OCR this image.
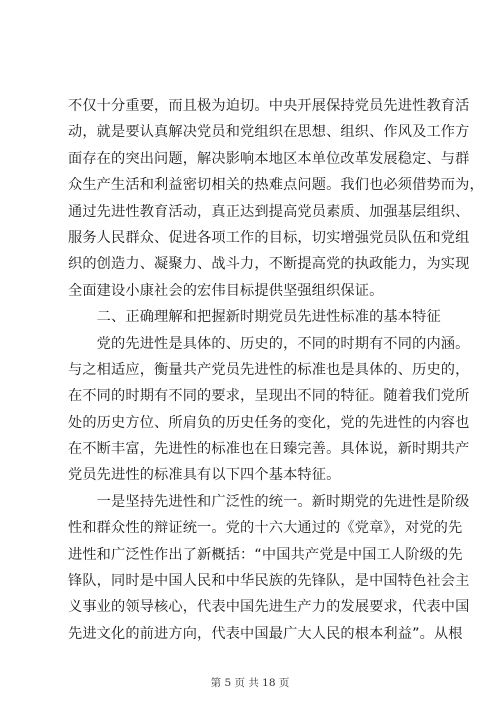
不仅十分重要，而且极为迫切。中央开展保持党员先进性教育活
动，就是要认真解决党员和党组织在思想、组织、作风及工作方
面存在的突出问题，解决影响本地区本单位改革发展稳定、与群
众生产生活和利益密切相关的热难点问题。我们也必须借势而为，
通过先进性教育活动，真正达到提高党员素质、加强基层组织、
服务人民群众、促进各项工作的目标，切实增强党员队伍和党组
织的创造力、凝聚力、战斗力，不断提高党的执政能力，为实现
全面建设小康社会的宏伟目标提供坚强组织保证。
　　二、正确理解和把握新时期党员先进性标准的基本特征
　　党的先进性是具体的、历史的，不同的时期有不同的内涵。
与之相适应，衡量共产党员先进性的标准也是具体的、历史的，
在不同的时期有不同的要求，呈现出不同的特征。随着我们党所
处的历史方位、所肩负的历史任务的变化，党的先进性的内容也
在不断丰富，先进性的标准也在日臻完善。具体说，新时期共产
党员先进性的标准具有以下四个基本特征。
　　一是坚持先进性和广泛性的统一。新时期党的先进性是阶级
性和群众性的辩证统一。党的十六大通过的《党章》，对党的先
进性和广泛性作出了新概括：“中国共产党是中国工人阶级的先
锋队，同时是中国人民和中华民族的先锋队，是中国特色社会主
义事业的领导核心，代表中国先进生产力的发展要求，代表中国
先进文化的前进方向，代表中国最广大人民的根本利益”。从根
第 5 页 共 18 页
